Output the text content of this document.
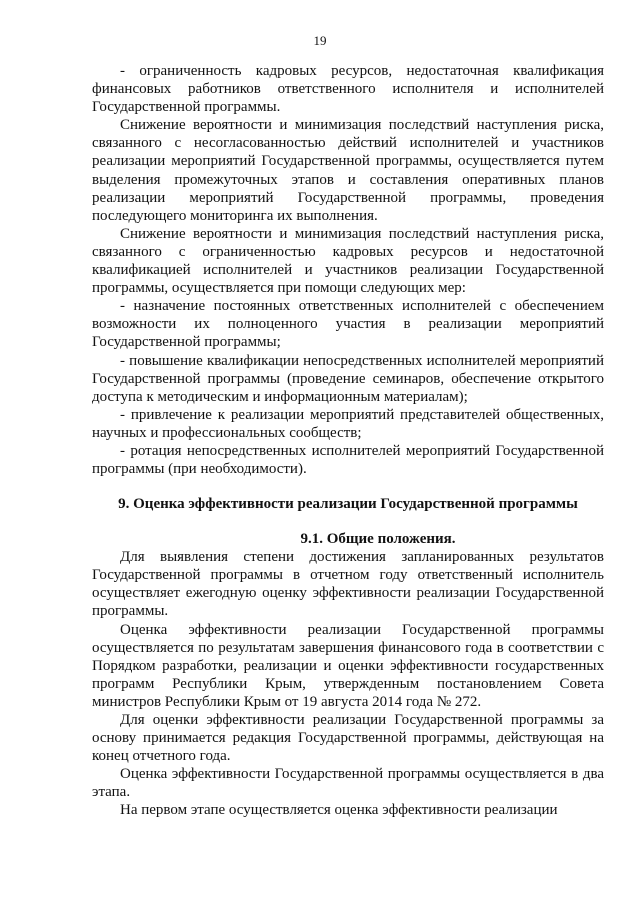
19

- ограниченность кадровых ресурсов, недостаточная квалификация финансовых работников ответственного исполнителя и исполнителей Государственной программы.

Снижение вероятности и минимизация последствий наступления риска, связанного с несогласованностью действий исполнителей и участников реализации мероприятий Государственной программы, осуществляется путем выделения промежуточных этапов и составления оперативных планов реализации мероприятий Государственной программы, проведения последующего мониторинга их выполнения.

Снижение вероятности и минимизация последствий наступления риска, связанного с ограниченностью кадровых ресурсов и недостаточной квалификацией исполнителей и участников реализации Государственной программы, осуществляется при помощи следующих мер:

- назначение постоянных ответственных исполнителей с обеспечением возможности их полноценного участия в реализации мероприятий Государственной программы;

- повышение квалификации непосредственных исполнителей мероприятий Государственной программы (проведение семинаров, обеспечение открытого доступа к методическим и информационным материалам);

- привлечение к реализации мероприятий представителей общественных, научных и профессиональных сообществ;

- ротация непосредственных исполнителей мероприятий Государственной программы (при необходимости).

9. Оценка эффективности реализации Государственной программы
9.1. Общие положения.

Для выявления степени достижения запланированных результатов Государственной программы в отчетном году ответственный исполнитель осуществляет ежегодную оценку эффективности реализации Государственной программы.

Оценка эффективности реализации Государственной программы осуществляется по результатам завершения финансового года в соответствии с Порядком разработки, реализации и оценки эффективности государственных программ Республики Крым, утвержденным постановлением Совета министров Республики Крым от 19 августа 2014 года № 272.

Для оценки эффективности реализации Государственной программы за основу принимается редакция Государственной программы, действующая на конец отчетного года.

Оценка эффективности Государственной программы осуществляется в два этапа.

На первом этапе осуществляется оценка эффективности реализации
